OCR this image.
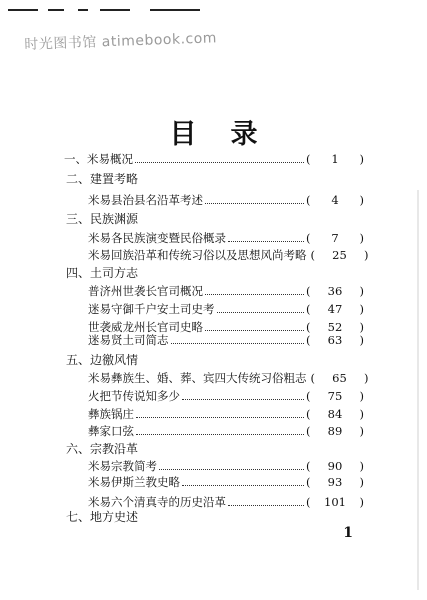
时光图书馆 atimebook.com
目录
一、米易概况	(	1	)
二、建置考略
米易县治县名沿革考述	(	4	)
三、民族渊源
米易各民族演变暨民俗概录	(	7	)
米易回族沿革和传统习俗以及思想风尚考略 (	25	)
四、土司方志
普济州世袭长官司概况	(	36	)
迷易守御千户安土司史考	(	47	)
世袭威龙州长官司史略	(	52	)
迷易贤土司简志	(	63	)
五、边徼风情
米易彝族生、婚、葬、宾四大传统习俗粗志 (	65	)
火把节传说知多少	(	75	)
彝族锅庄	(	84	)
彝家口弦	(	89	)
六、宗教沿革
米易宗教简考	(	90	)
米易伊斯兰教史略	(	93	)
米易六个清真寺的历史沿革	(	101	)
七、地方史述
1
